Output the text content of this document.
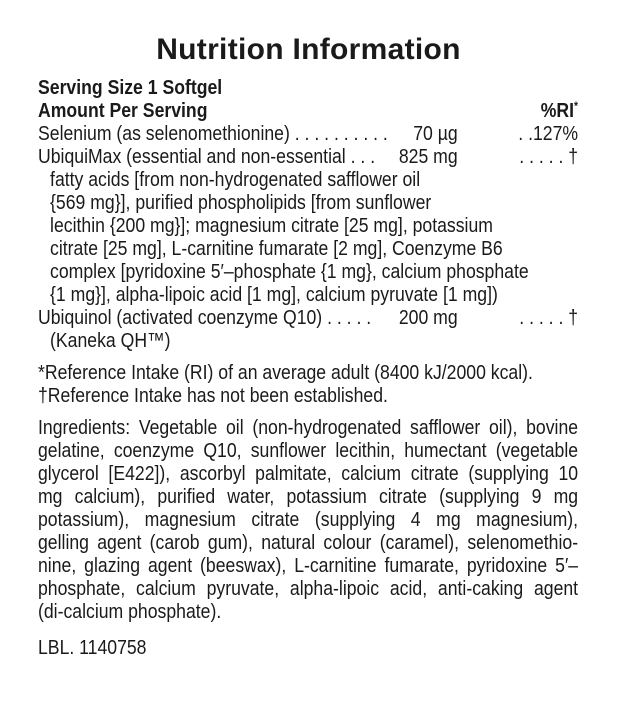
Nutrition Information
Serving Size 1 Softgel
Amount Per Serving	%RI*
Selenium (as selenomethionine) . . . . . . . . . . 70 µg	. .127%
UbiquiMax (essential and non-essential . . . 825 mg	. . . . . †
fatty acids [from non-hydrogenated safflower oil
{569 mg}], purified phospholipids [from sunflower
lecithin {200 mg}]; magnesium citrate [25 mg], potassium
citrate [25 mg], L-carnitine fumarate [2 mg], Coenzyme B6
complex [pyridoxine 5′–phosphate {1 mg}, calcium phosphate
{1 mg}], alpha-lipoic acid [1 mg], calcium pyruvate [1 mg])
Ubiquinol (activated coenzyme Q10) . . . . . 200 mg	. . . . . †
(Kaneka QH™)
*Reference Intake (RI) of an average adult (8400 kJ/2000 kcal).
†Reference Intake has not been established.
Ingredients: Vegetable oil (non-hydrogenated safflower oil), bovine
gelatine, coenzyme Q10, sunflower lecithin, humectant (vegetable
glycerol [E422]), ascorbyl palmitate, calcium citrate (supplying 10
mg calcium), purified water, potassium citrate (supplying 9 mg
potassium), magnesium citrate (supplying 4 mg magnesium),
gelling agent (carob gum), natural colour (caramel), selenomethio-
nine, glazing agent (beeswax), L-carnitine fumarate, pyridoxine 5′–
phosphate, calcium pyruvate, alpha-lipoic acid, anti-caking agent
(di-calcium phosphate).
LBL. 1140758
